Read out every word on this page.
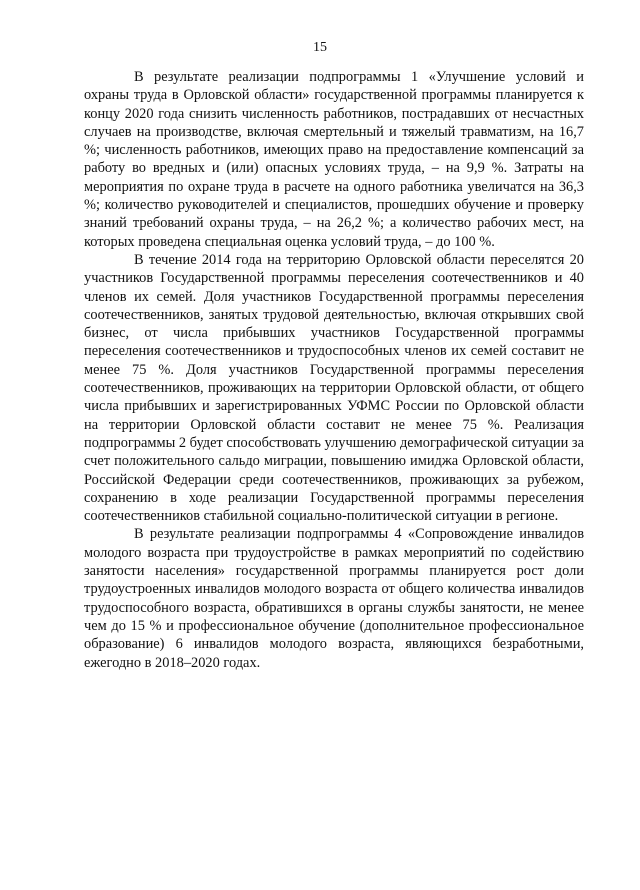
15

В результате реализации подпрограммы 1 «Улучшение условий и охраны труда в Орловской области» государственной программы планируется к концу 2020 года снизить численность работников, пострадавших от несчастных случаев на производстве, включая смертельный и тяжелый травматизм, на 16,7 %; численность работников, имеющих право на предоставление компенсаций за работу во вредных и (или) опасных условиях труда, – на 9,9 %. Затраты на мероприятия по охране труда в расчете на одного работника увеличатся на 36,3 %; количество руководителей и специалистов, прошедших обучение и проверку знаний требований охраны труда, – на 26,2 %; а количество рабочих мест, на которых проведена специальная оценка условий труда, – до 100 %.

В течение 2014 года на территорию Орловской области переселятся 20 участников Государственной программы переселения соотечественников и 40 членов их семей. Доля участников Государственной программы переселения соотечественников, занятых трудовой деятельностью, включая открывших свой бизнес, от числа прибывших участников Государственной программы переселения соотечественников и трудоспособных членов их семей составит не менее 75 %. Доля участников Государственной программы переселения соотечественников, проживающих на территории Орловской области, от общего числа прибывших и зарегистрированных УФМС России по Орловской области на территории Орловской области составит не менее 75 %. Реализация подпрограммы 2 будет способствовать улучшению демографической ситуации за счет положительного сальдо миграции, повышению имиджа Орловской области, Российской Федерации среди соотечественников, проживающих за рубежом, сохранению в ходе реализации Государственной программы переселения соотечественников стабильной социально-политической ситуации в регионе.

В результате реализации подпрограммы 4 «Сопровождение инвалидов молодого возраста при трудоустройстве в рамках мероприятий по содействию занятости населения» государственной программы планируется рост доли трудоустроенных инвалидов молодого возраста от общего количества инвалидов трудоспособного возраста, обратившихся в органы службы занятости, не менее чем до 15 % и профессиональное обучение (дополнительное профессиональное образование) 6 инвалидов молодого возраста, являющихся безработными, ежегодно в 2018–2020 годах.
